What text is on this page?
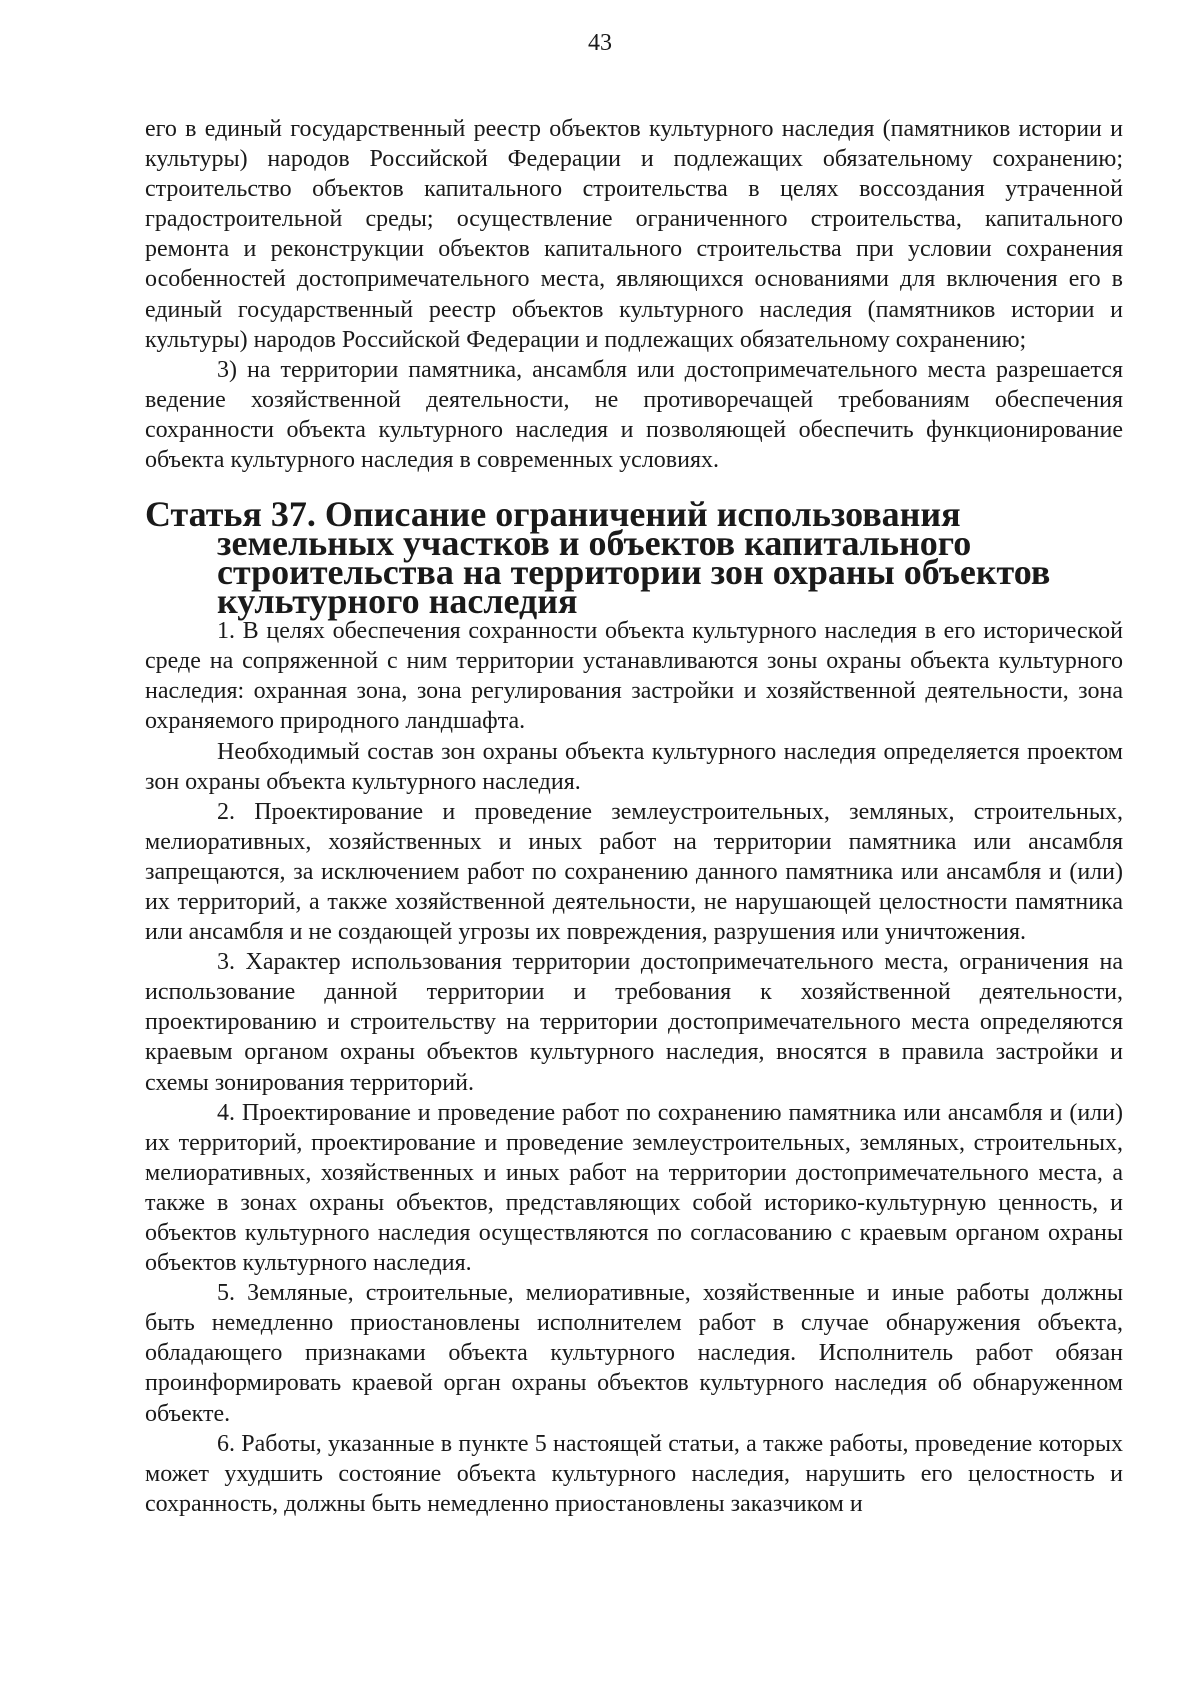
43

его в единый государственный реестр объектов культурного наследия (памятников истории и культуры) народов Российской Федерации и подлежащих обязательному сохранению; строительство объектов капитального строительства в целях воссоздания утраченной градостроительной среды; осуществление ограниченного строительства, капитального ремонта и реконструкции объектов капитального строительства при условии сохранения особенностей достопримечательного места, являющихся основаниями для включения его в единый государственный реестр объектов культурного наследия (памятников истории и культуры) народов Российской Федерации и подлежащих обязательному сохранению;

3) на территории памятника, ансамбля или достопримечательного места разрешается ведение хозяйственной деятельности, не противоречащей требованиям обеспечения сохранности объекта культурного наследия и позволяющей обеспечить функционирование объекта культурного наследия в современных условиях.

Статья 37. Описание ограничений использования земельных участков и объектов капитального строительства на территории зон охраны объектов культурного наследия

1. В целях обеспечения сохранности объекта культурного наследия в его исторической среде на сопряженной с ним территории устанавливаются зоны охраны объекта культурного наследия: охранная зона, зона регулирования застройки и хозяйственной деятельности, зона охраняемого природного ландшафта.

Необходимый состав зон охраны объекта культурного наследия определяется проектом зон охраны объекта культурного наследия.

2. Проектирование и проведение землеустроительных, земляных, строительных, мелиоративных, хозяйственных и иных работ на территории памятника или ансамбля запрещаются, за исключением работ по сохранению данного памятника или ансамбля и (или) их территорий, а также хозяйственной деятельности, не нарушающей целостности памятника или ансамбля и не создающей угрозы их повреждения, разрушения или уничтожения.

3. Характер использования территории достопримечательного места, ограничения на использование данной территории и требования к хозяйственной деятельности, проектированию и строительству на территории достопримечательного места определяются краевым органом охраны объектов культурного наследия, вносятся в правила застройки и схемы зонирования территорий.

4. Проектирование и проведение работ по сохранению памятника или ансамбля и (или) их территорий, проектирование и проведение землеустроительных, земляных, строительных, мелиоративных, хозяйственных и иных работ на территории достопримечательного места, а также в зонах охраны объектов, представляющих собой историко-культурную ценность, и объектов культурного наследия осуществляются по согласованию с краевым органом охраны объектов культурного наследия.

5. Земляные, строительные, мелиоративные, хозяйственные и иные работы должны быть немедленно приостановлены исполнителем работ в случае обнаружения объекта, обладающего признаками объекта культурного наследия. Исполнитель работ обязан проинформировать краевой орган охраны объектов культурного наследия об обнаруженном объекте.

6. Работы, указанные в пункте 5 настоящей статьи, а также работы, проведение которых может ухудшить состояние объекта культурного наследия, нарушить его целостность и сохранность, должны быть немедленно приостановлены заказчиком и
